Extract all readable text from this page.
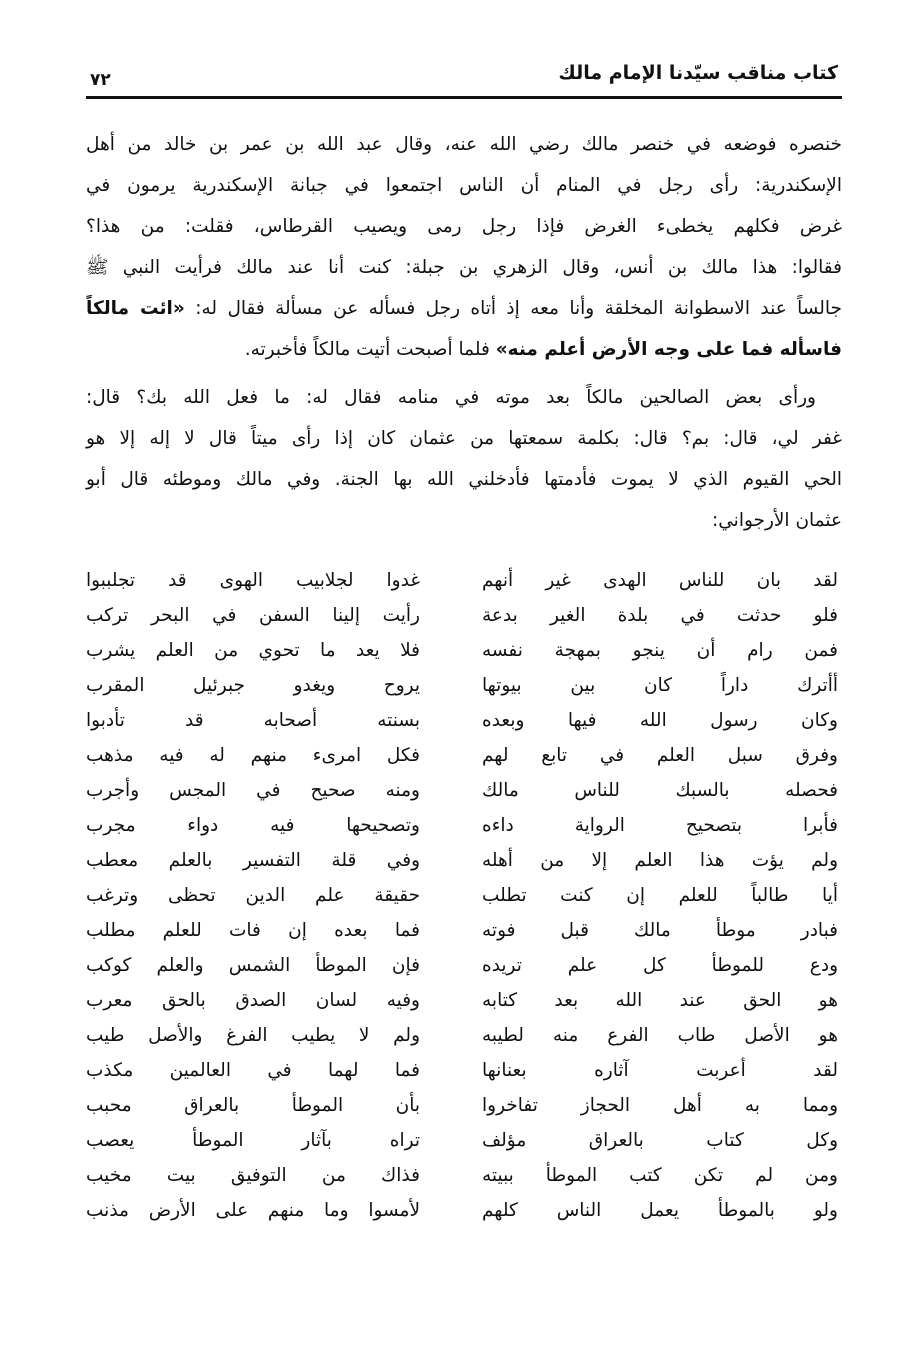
كتاب مناقب سيّدنا الإمام مالك
٧٢
خنصره فوضعه في خنصر مالك رضي الله عنه، وقال عبد الله بن عمر بن خالد من أهل
الإسكندرية: رأى رجل في المنام أن الناس اجتمعوا في جبانة الإسكندرية يرمون في
غرض فكلهم يخطىء الغرض فإذا رجل رمى ويصيب القرطاس، فقلت: من هذا؟
فقالوا: هذا مالك بن أنس، وقال الزهري بن جبلة: كنت أنا عند مالك فرأيت النبي ﷺ
جالساً عند الاسطوانة المخلقة وأنا معه إذ أتاه رجل فسأله عن مسألة فقال له: «ائت مالكاً
فاسأله فما على وجه الأرض أعلم منه» فلما أصبحت أتيت مالكاً فأخبرته.
ورأى بعض الصالحين مالكاً بعد موته في منامه فقال له: ما فعل الله بك؟ قال:
غفر لي، قال: بم؟ قال: بكلمة سمعتها من عثمان كان إذا رأى ميتاً قال لا إله إلا هو
الحي القيوم الذي لا يموت فأدمتها فأدخلني الله بها الجنة. وفي مالك وموطئه قال أبو
عثمان الأرجواني:
لقد بان للناس الهدى غير أنهم
فلو حدثت في بلدة الغير بدعة
فمن رام أن ينجو بمهجة نفسه
أأترك داراً كان بين بيوتها
وكان رسول الله فيها وبعده
وفرق سبل العلم في تابع لهم
فحصله بالسبك للناس مالك
فأبرا بتصحيح الرواية داءه
ولم يؤت هذا العلم إلا من أهله
أيا طالباً للعلم إن كنت تطلب
فبادر موطأ مالك قبل فوته
ودع للموطأ كل علم تريده
هو الحق عند الله بعد كتابه
هو الأصل طاب الفرع منه لطيبه
لقد أعربت آثاره بعنانها
ومما به أهل الحجاز تفاخروا
وكل كتاب بالعراق مؤلف
ومن لم تكن كتب الموطأ ببيته
ولو بالموطأ يعمل الناس كلهم
غدوا لجلابيب الهوى قد تجلببوا
رأيت إلينا السفن في البحر تركب
فلا يعد ما تحوي من العلم يشرب
يروح ويغدو جبرئيل المقرب
بسنته أصحابه قد تأدبوا
فكل امرىء منهم له فيه مذهب
ومنه صحيح في المجس وأجرب
وتصحيحها فيه دواء مجرب
وفي قلة التفسير بالعلم معطب
حقيقة علم الدين تحظى وترغب
فما بعده إن فات للعلم مطلب
فإن الموطأ الشمس والعلم كوكب
وفيه لسان الصدق بالحق معرب
ولم لا يطيب الفرغ والأصل طيب
فما لهما في العالمين مكذب
بأن الموطأ بالعراق محبب
تراه بآثار الموطأ يعصب
فذاك من التوفيق بيت مخيب
لأمسوا وما منهم على الأرض مذنب
